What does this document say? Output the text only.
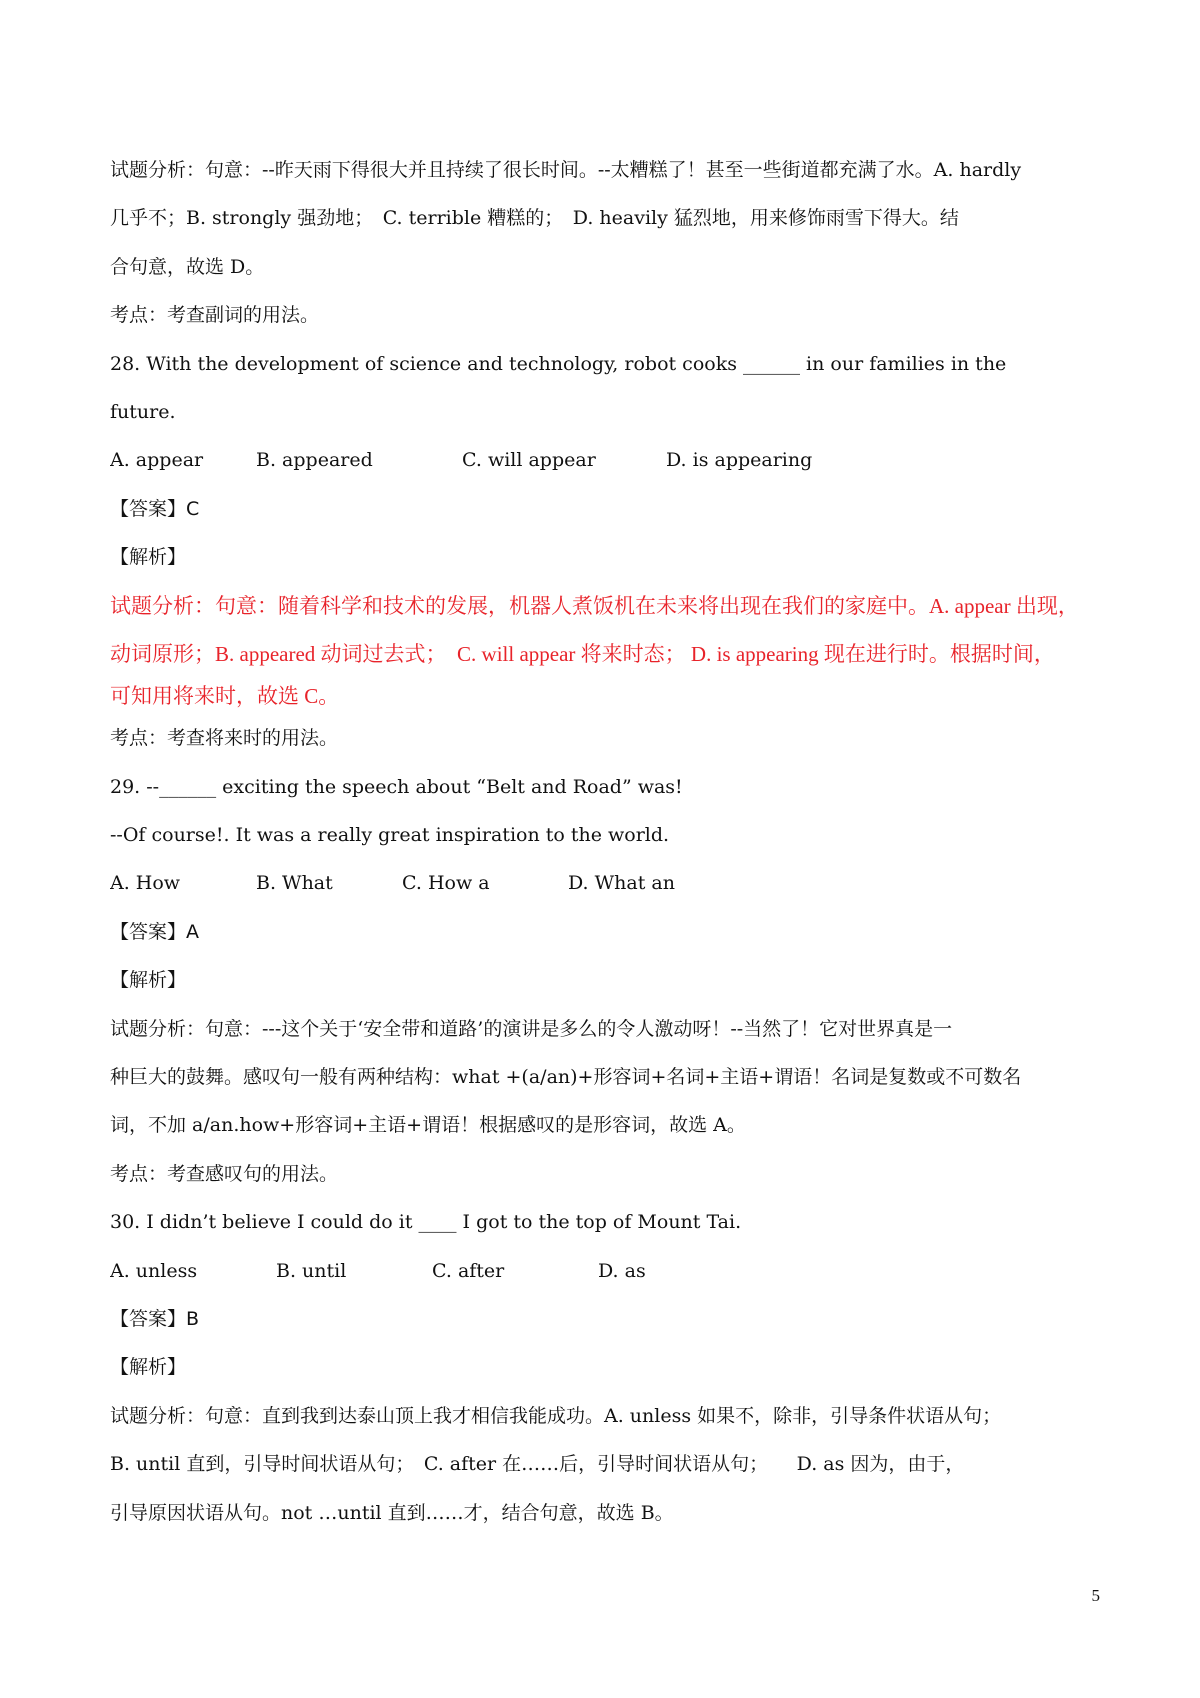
试题分析：句意：--昨天雨下得很大并且持续了很长时间。--太糟糕了！甚至一些街道都充满了水。A. hardly
几乎不；B. strongly 强劲地；　C. terrible 糟糕的；　D. heavily 猛烈地，用来修饰雨雪下得大。结
合句意，故选 D。
考点：考查副词的用法。
28. With the development of science and technology, robot cooks ______ in our families in the
future.
A. appear	B. appeared	C. will appear	D. is appearing
【答案】C
【解析】
试题分析：句意：随着科学和技术的发展，机器人煮饭机在未来将出现在我们的家庭中。A. appear 出现，
动词原形；B. appeared 动词过去式；　C. will appear 将来时态； D. is appearing 现在进行时。根据时间，
可知用将来时，故选 C。
考点：考查将来时的用法。
29. --______ exciting the speech about “Belt and Road” was!
--Of course!. It was a really great inspiration to the world.
A. How	B. What	C. How a	D. What an
【答案】A
【解析】
试题分析：句意：---这个关于‘安全带和道路’的演讲是多么的令人激动呀！--当然了！它对世界真是一
种巨大的鼓舞。感叹句一般有两种结构：what +(a/an)+形容词+名词+主语+谓语！名词是复数或不可数名
词，不加 a/an.how+形容词+主语+谓语！根据感叹的是形容词，故选 A。
考点：考查感叹句的用法。
30. I didn’t believe I could do it ____ I got to the top of Mount Tai.
A. unless	B. until	C. after	D. as
【答案】B
【解析】
试题分析：句意：直到我到达泰山顶上我才相信我能成功。A. unless 如果不，除非，引导条件状语从句；
B. until 直到，引导时间状语从句；　C. after 在……后，引导时间状语从句；　　D. as 因为，由于，
引导原因状语从句。not …until 直到……才，结合句意，故选 B。
5
